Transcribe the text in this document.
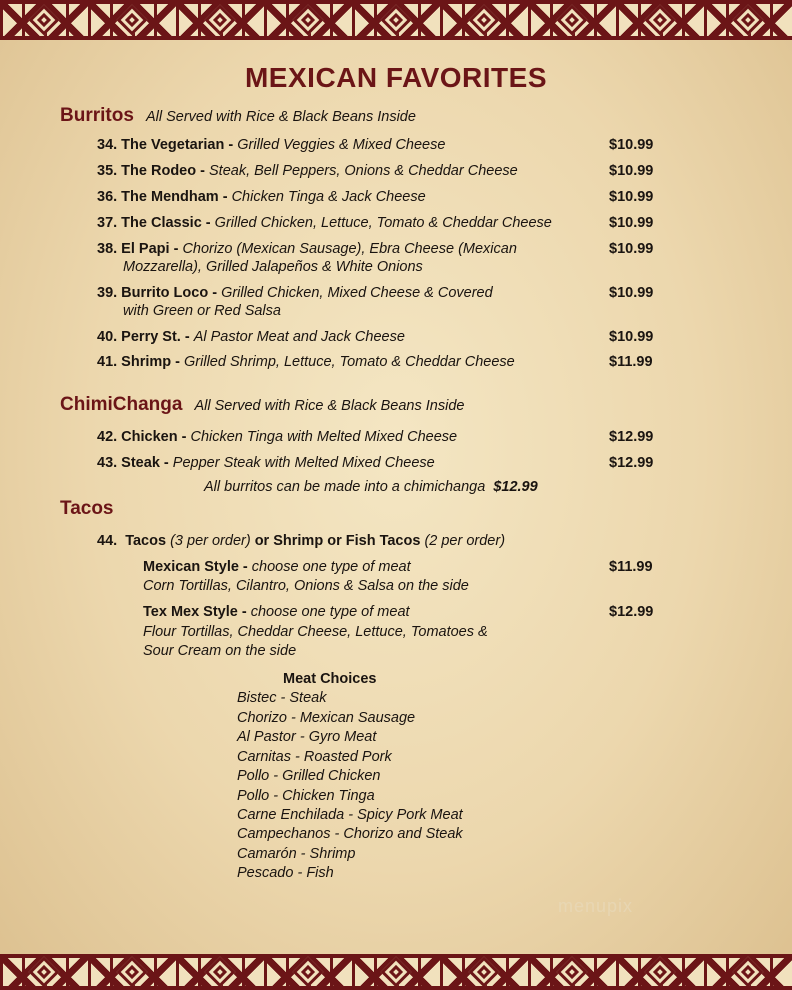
MEXICAN FAVORITES
Burritos All Served with Rice & Black Beans Inside
34. The Vegetarian - Grilled Veggies & Mixed Cheese	$10.99
35. The Rodeo - Steak, Bell Peppers, Onions & Cheddar Cheese	$10.99
36. The Mendham - Chicken Tinga & Jack Cheese	$10.99
37. The Classic - Grilled Chicken, Lettuce, Tomato & Cheddar Cheese	$10.99
38. El Papi - Chorizo (Mexican Sausage), Ebra Cheese (Mexican
Mozzarella), Grilled Jalapeños & White Onions
$10.99
39. Burrito Loco - Grilled Chicken, Mixed Cheese & Covered
with Green or Red Salsa
$10.99
40. Perry St. - Al Pastor Meat and Jack Cheese	$10.99
41. Shrimp - Grilled Shrimp, Lettuce, Tomato & Cheddar Cheese	$11.99
ChimiChanga All Served with Rice & Black Beans Inside
42. Chicken - Chicken Tinga with Melted Mixed Cheese	$12.99
43. Steak - Pepper Steak with Melted Mixed Cheese	$12.99
All burritos can be made into a chimichanga $12.99
Tacos
44. Tacos (3 per order) or Shrimp or Fish Tacos (2 per order)
Mexican Style - choose one type of meat
Corn Tortillas, Cilantro, Onions & Salsa on the side
$11.99
Tex Mex Style - choose one type of meat
Flour Tortillas, Cheddar Cheese, Lettuce, Tomatoes &
Sour Cream on the side
$12.99
Meat Choices
Bistec - Steak
Chorizo - Mexican Sausage
Al Pastor - Gyro Meat
Carnitas - Roasted Pork
Pollo - Grilled Chicken
Pollo - Chicken Tinga
Carne Enchilada - Spicy Pork Meat
Campechanos - Chorizo and Steak
Camarón - Shrimp
Pescado - Fish
menupix
